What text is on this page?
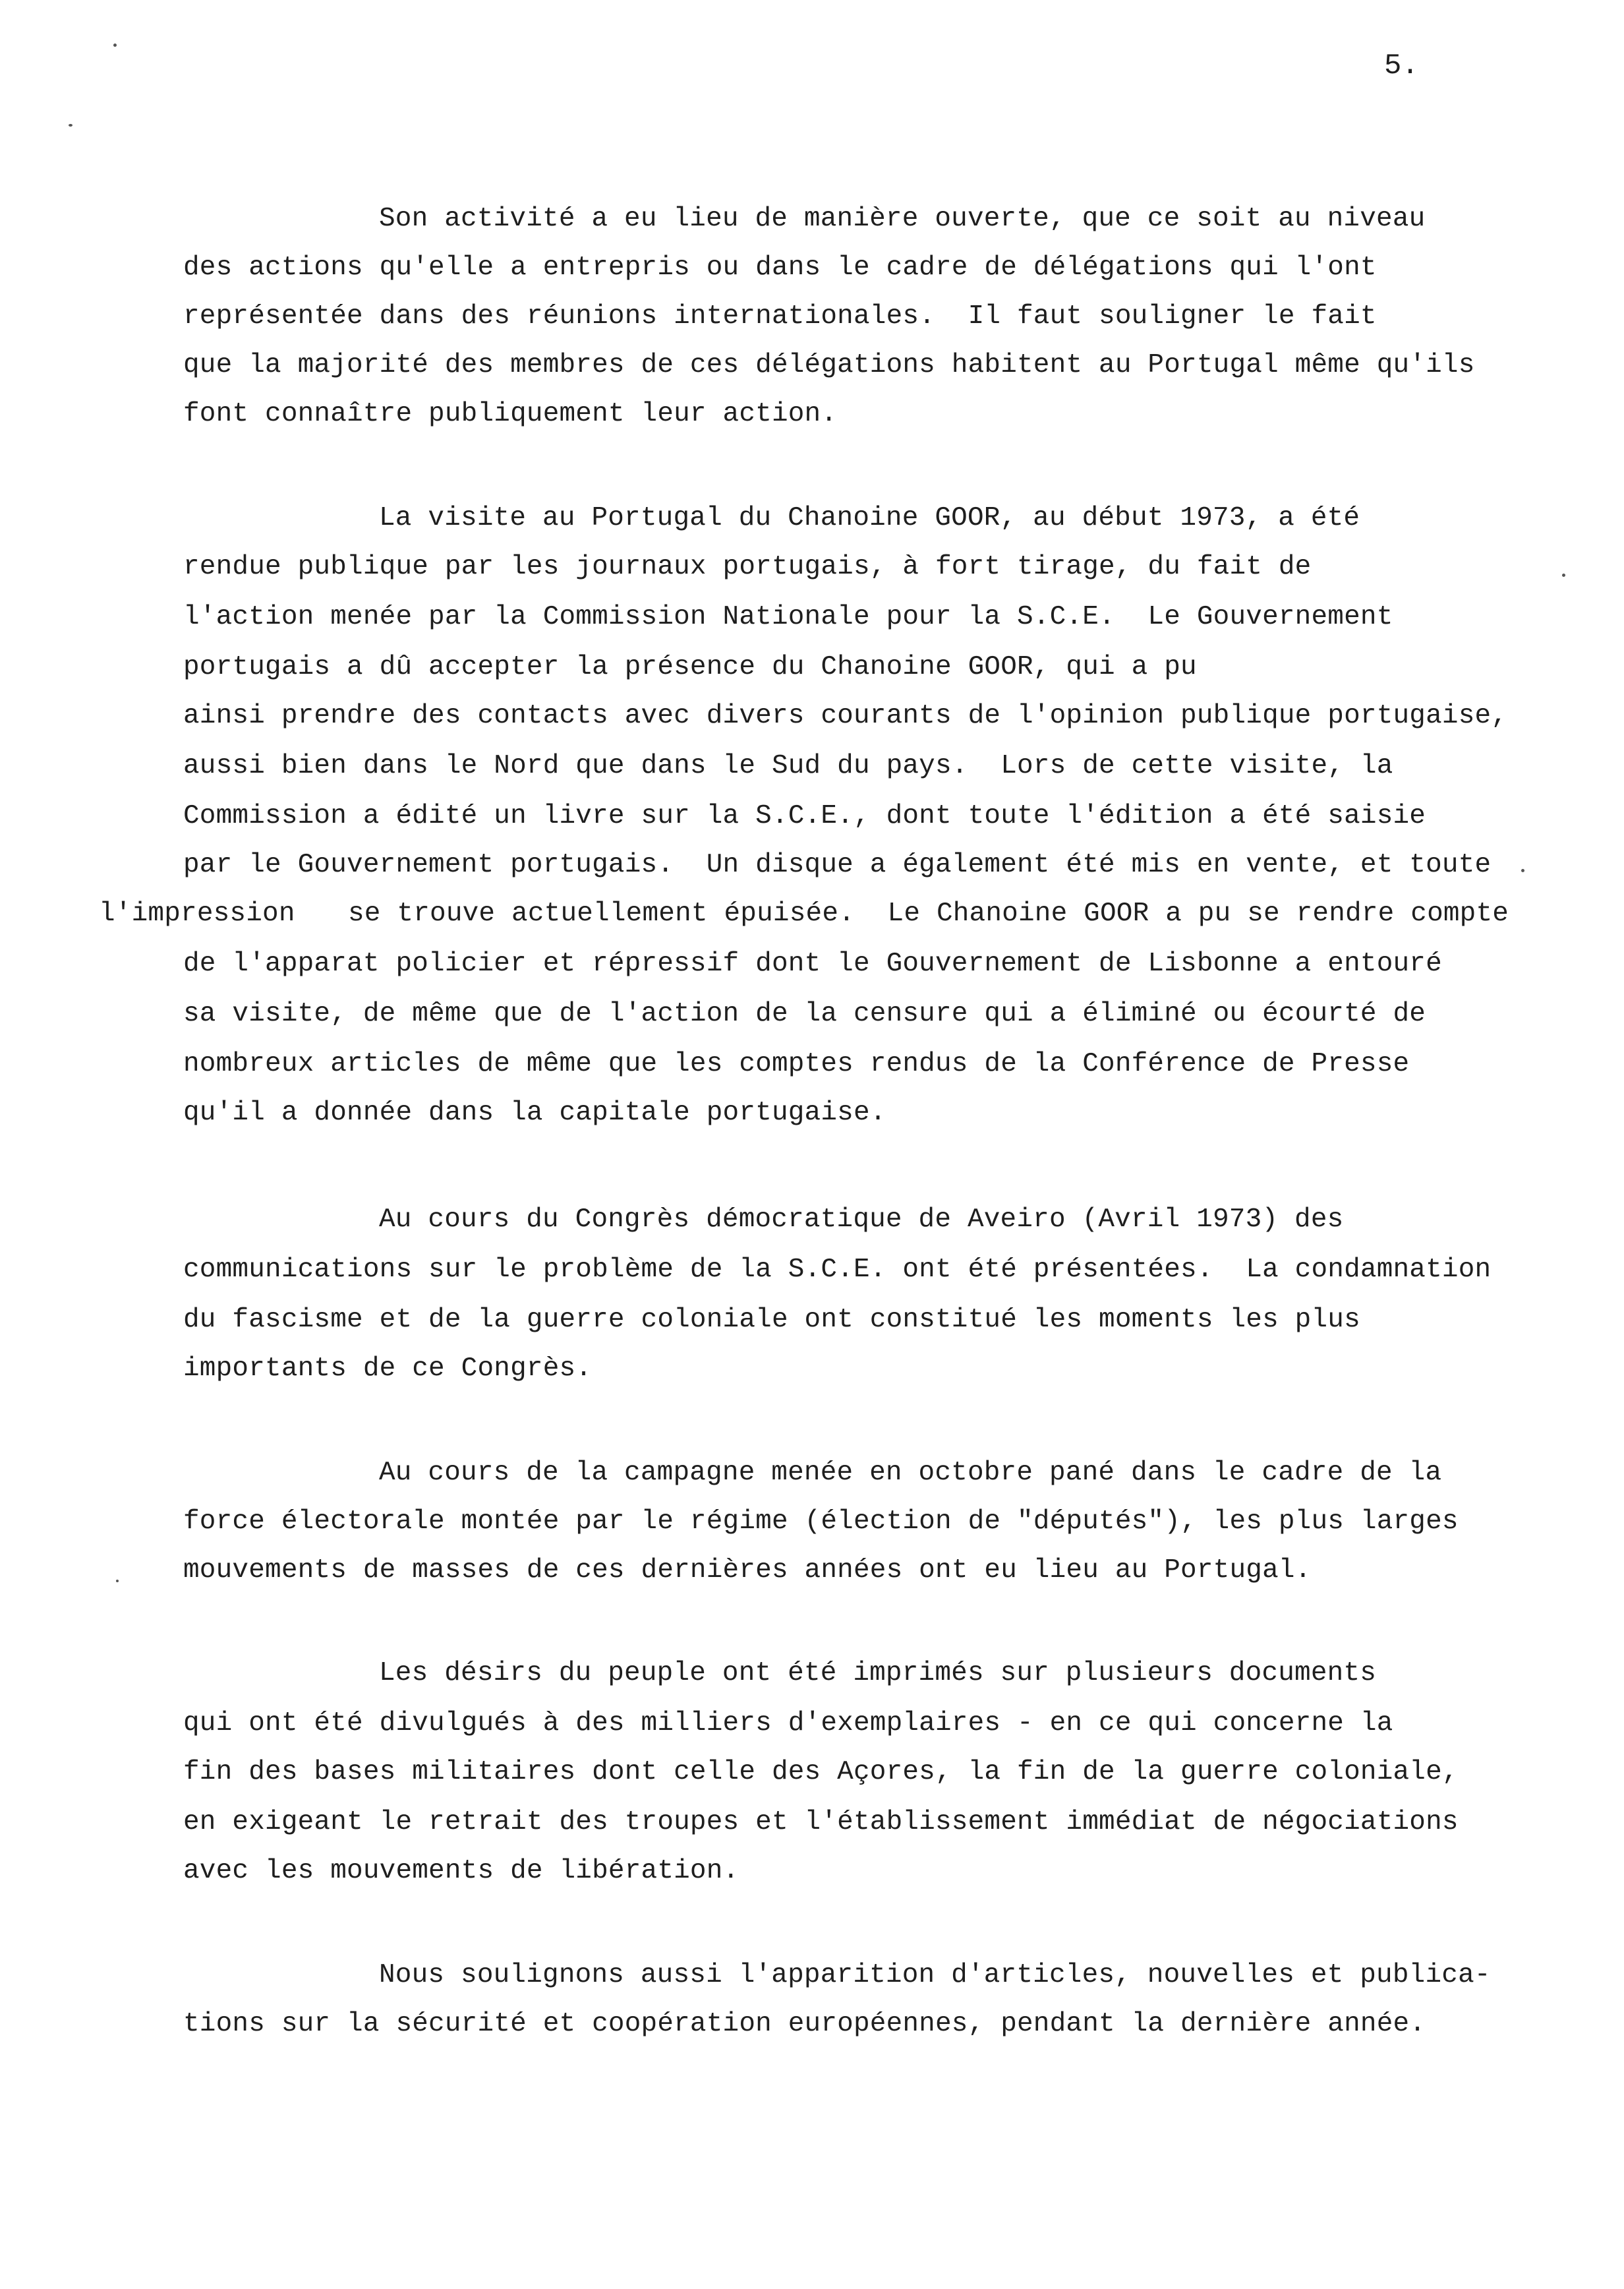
5.
Son activité a eu lieu de manière ouverte, que ce soit au niveau
des actions qu'elle a entrepris ou dans le cadre de délégations qui l'ont
représentée dans des réunions internationales.  Il faut souligner le fait
que la majorité des membres de ces délégations habitent au Portugal même qu'ils
font connaître publiquement leur action.
La visite au Portugal du Chanoine GOOR, au début 1973, a été
rendue publique par les journaux portugais, à fort tirage, du fait de
l'action menée par la Commission Nationale pour la S.C.E.  Le Gouvernement
portugais a dû accepter la présence du Chanoine GOOR, qui a pu
ainsi prendre des contacts avec divers courants de l'opinion publique portugaise,
aussi bien dans le Nord que dans le Sud du pays.  Lors de cette visite, la
Commission a édité un livre sur la S.C.E., dont toute l'édition a été saisie
par le Gouvernement portugais.  Un disque a également été mis en vente, et toute
l'impression se trouve actuellement épuisée.  Le Chanoine GOOR a pu se rendre compte
de l'apparat policier et répressif dont le Gouvernement de Lisbonne a entouré
sa visite, de même que de l'action de la censure qui a éliminé ou écourté de
nombreux articles de même que les comptes rendus de la Conférence de Presse
qu'il a donnée dans la capitale portugaise.
Au cours du Congrès démocratique de Aveiro (Avril 1973) des
communications sur le problème de la S.C.E. ont été présentées.  La condamnation
du fascisme et de la guerre coloniale ont constitué les moments les plus
importants de ce Congrès.
Au cours de la campagne menée en octobre pané dans le cadre de la
force électorale montée par le régime (élection de "députés"), les plus larges
mouvements de masses de ces dernières années ont eu lieu au Portugal.
Les désirs du peuple ont été imprimés sur plusieurs documents
qui ont été divulgués à des milliers d'exemplaires - en ce qui concerne la
fin des bases militaires dont celle des Açores, la fin de la guerre coloniale,
en exigeant le retrait des troupes et l'établissement immédiat de négociations
avec les mouvements de libération.
Nous soulignons aussi l'apparition d'articles, nouvelles et publica-
tions sur la sécurité et coopération européennes, pendant la dernière année.
